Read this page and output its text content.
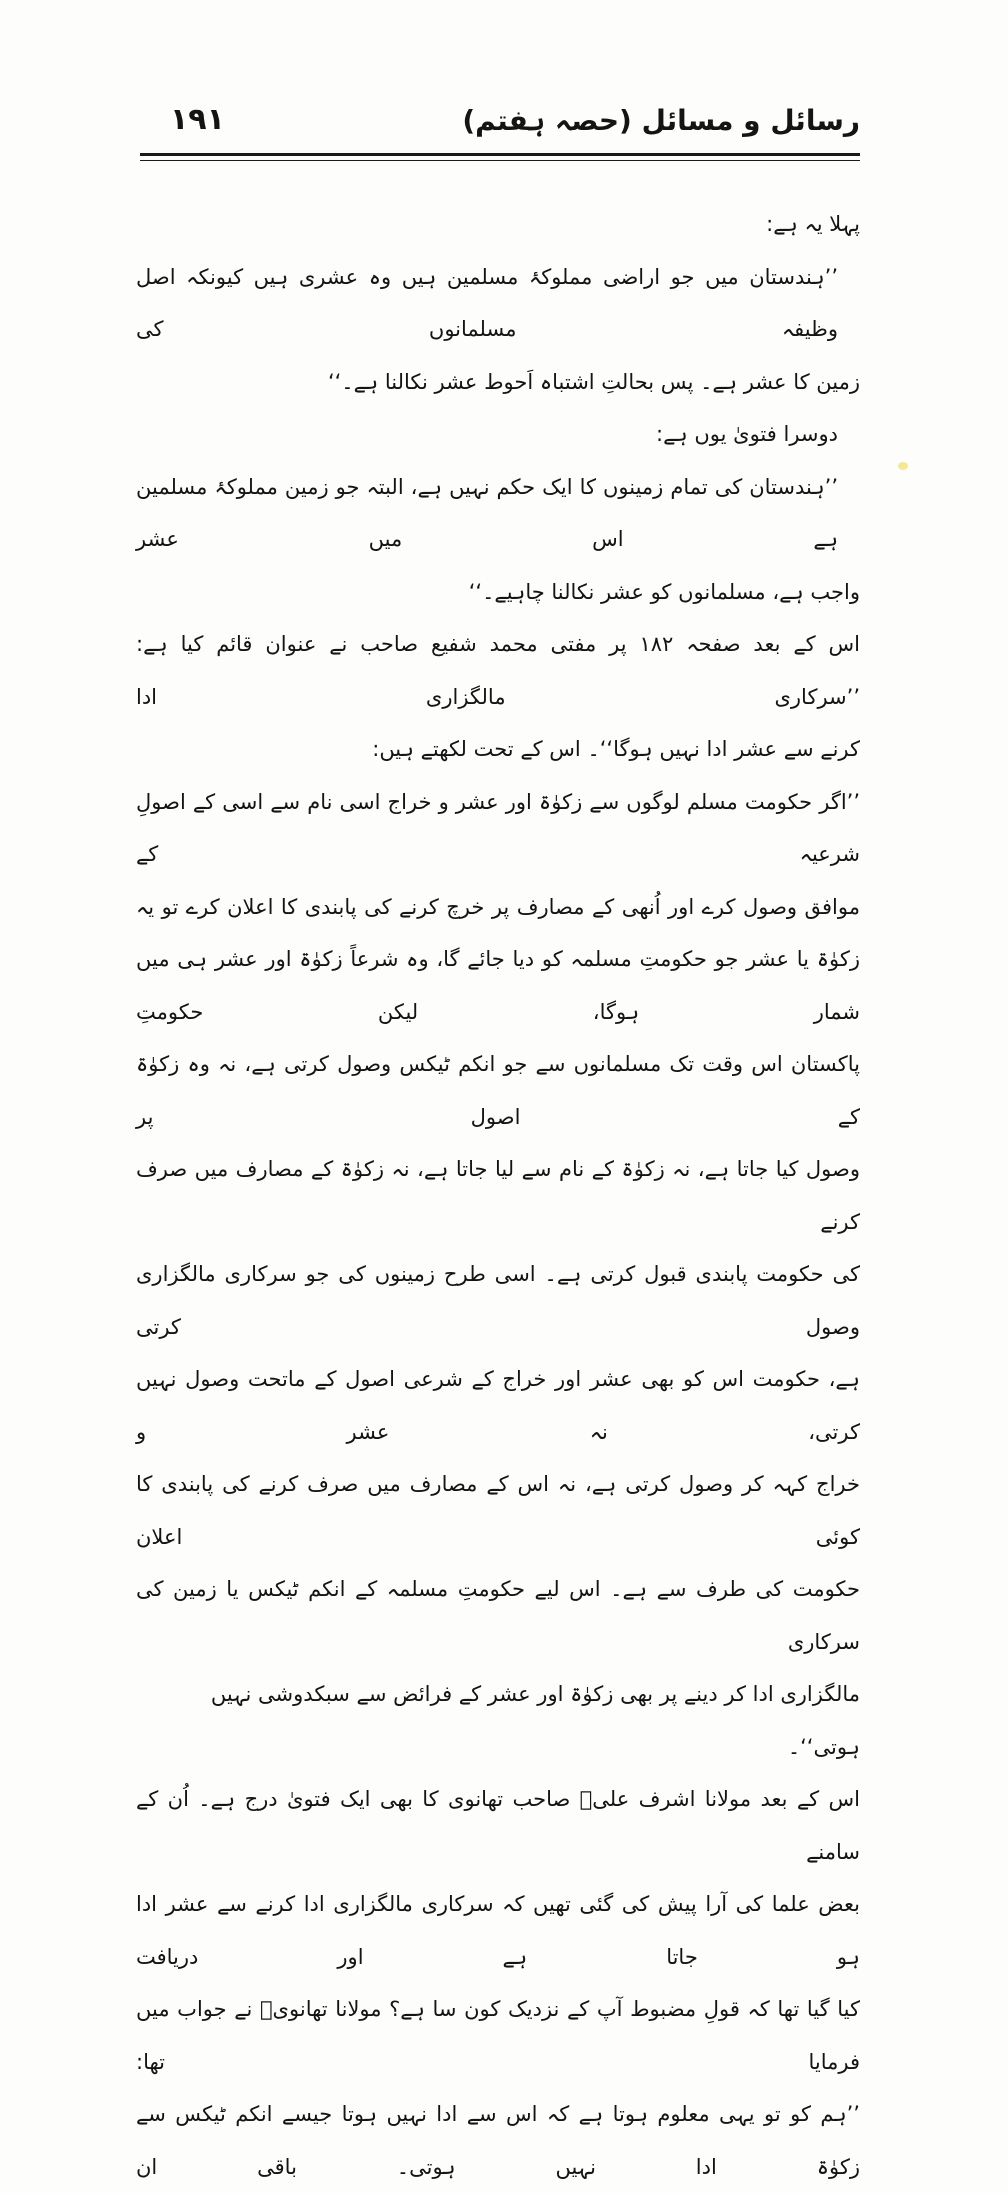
رسائل و مسائل (حصہ ہفتم)
۱۹۱

پہلا یہ ہے:

’’ہندستان میں جو اراضی مملوکۂ مسلمین ہیں وہ عشری ہیں کیونکہ اصل وظیفہ مسلمانوں کی

زمین کا عشر ہے۔ پس بحالتِ اشتباہ اَحوط عشر نکالنا ہے۔‘‘

دوسرا فتویٰ یوں ہے:

’’ہندستان کی تمام زمینوں کا ایک حکم نہیں ہے، البتہ جو زمین مملوکۂ مسلمین ہے اس میں عشر

واجب ہے، مسلمانوں کو عشر نکالنا چاہیے۔‘‘

اس کے بعد صفحہ ۱۸۲ پر مفتی محمد شفیع صاحب نے عنوان قائم کیا ہے: ’’سرکاری مالگزاری ادا

کرنے سے عشر ادا نہیں ہوگا‘‘۔ اس کے تحت لکھتے ہیں:

’’اگر حکومت مسلم لوگوں سے زکوٰۃ اور عشر و خراج اسی نام سے اسی کے اصولِ شرعیہ کے

موافق وصول کرے اور اُنھی کے مصارف پر خرچ کرنے کی پابندی کا اعلان کرے تو یہ

زکوٰۃ یا عشر جو حکومتِ مسلمہ کو دیا جائے گا، وہ شرعاً زکوٰۃ اور عشر ہی میں شمار ہوگا، لیکن حکومتِ

پاکستان اس وقت تک مسلمانوں سے جو انکم ٹیکس وصول کرتی ہے، نہ وہ زکوٰۃ کے اصول پر

وصول کیا جاتا ہے، نہ زکوٰۃ کے نام سے لیا جاتا ہے، نہ زکوٰۃ کے مصارف میں صرف کرنے

کی حکومت پابندی قبول کرتی ہے۔ اسی طرح زمینوں کی جو سرکاری مالگزاری وصول کرتی

ہے، حکومت اس کو بھی عشر اور خراج کے شرعی اصول کے ماتحت وصول نہیں کرتی، نہ عشر و

خراج کہہ کر وصول کرتی ہے، نہ اس کے مصارف میں صرف کرنے کی پابندی کا کوئی اعلان

حکومت کی طرف سے ہے۔ اس لیے حکومتِ مسلمہ کے انکم ٹیکس یا زمین کی سرکاری

مالگزاری ادا کر دینے پر بھی زکوٰۃ اور عشر کے فرائض سے سبکدوشی نہیں ہوتی‘‘۔

اس کے بعد مولانا اشرف علیؒ صاحب تھانوی کا بھی ایک فتویٰ درج ہے۔ اُن کے سامنے

بعض علما کی آرا پیش کی گئی تھیں کہ سرکاری مالگزاری ادا کرنے سے عشر ادا ہو جاتا ہے اور دریافت

کیا گیا تھا کہ قولِ مضبوط آپ کے نزدیک کون سا ہے؟ مولانا تھانویؒ نے جواب میں فرمایا تھا:

’’ہم کو تو یہی معلوم ہوتا ہے کہ اس سے ادا نہیں ہوتا جیسے انکم ٹیکس سے زکوٰۃ ادا نہیں ہوتی۔ باقی ان
